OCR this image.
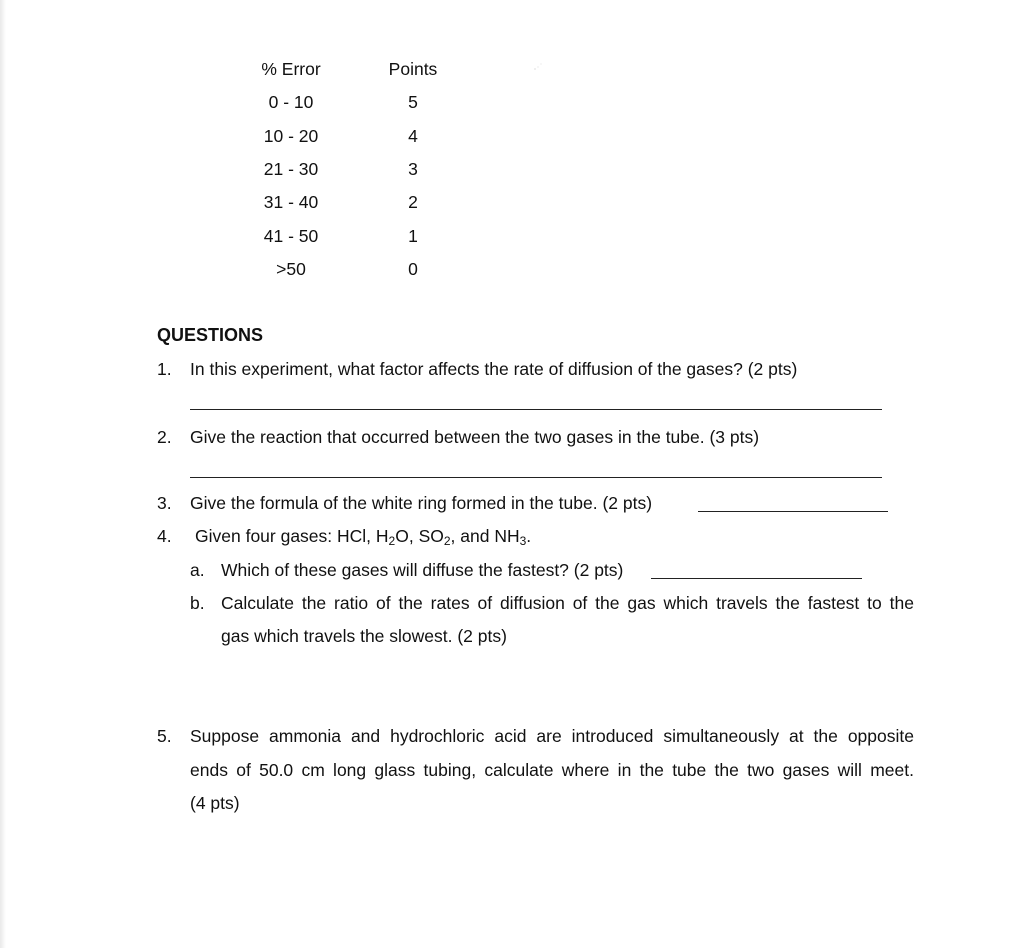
% Error	Points
0 - 10	5
10 - 20	4
21 - 30	3
31 - 40	2
41 - 50	1
>50	0
QUESTIONS
1. In this experiment, what factor affects the rate of diffusion of the gases? (2 pts)
2. Give the reaction that occurred between the two gases in the tube. (3 pts)
3. Give the formula of the white ring formed in the tube. (2 pts)
4. Given four gases: HCl, $H_2O$, $SO_2$, and $NH_3$.
a. Which of these gases will diffuse the fastest? (2 pts)
b. Calculate the ratio of the rates of diffusion of the gas which travels the fastest to the
gas which travels the slowest. (2 pts)
5. Suppose ammonia and hydrochloric acid are introduced simultaneously at the opposite
ends of 50.0 cm long glass tubing, calculate where in the tube the two gases will meet.
(4 pts)
